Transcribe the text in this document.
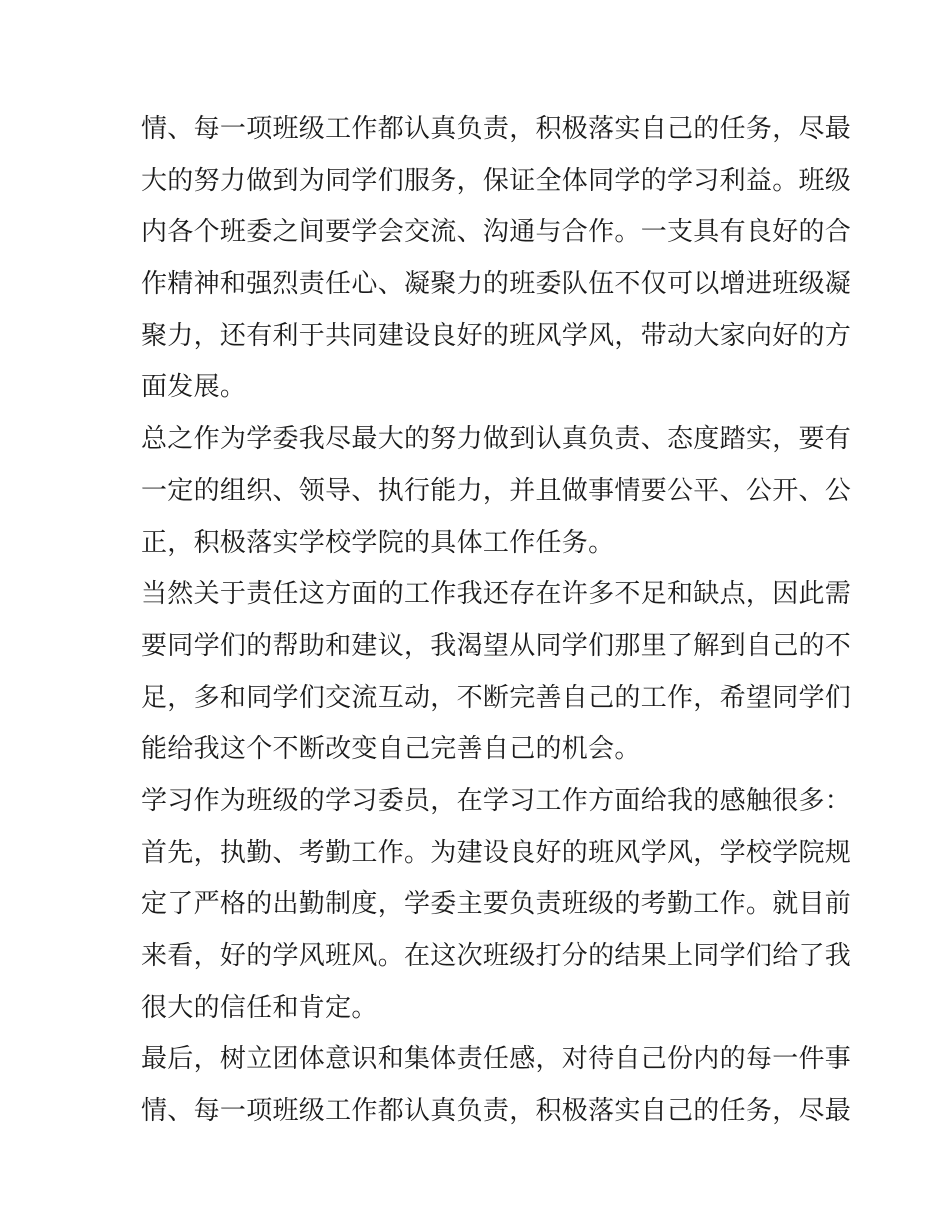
情、每一项班级工作都认真负责，积极落实自己的任务，尽最
大的努力做到为同学们服务，保证全体同学的学习利益。班级
内各个班委之间要学会交流、沟通与合作。一支具有良好的合
作精神和强烈责任心、凝聚力的班委队伍不仅可以增进班级凝
聚力，还有利于共同建设良好的班风学风，带动大家向好的方
面发展。
总之作为学委我尽最大的努力做到认真负责、态度踏实，要有
一定的组织、领导、执行能力，并且做事情要公平、公开、公
正，积极落实学校学院的具体工作任务。
当然关于责任这方面的工作我还存在许多不足和缺点，因此需
要同学们的帮助和建议，我渴望从同学们那里了解到自己的不
足，多和同学们交流互动，不断完善自己的工作，希望同学们
能给我这个不断改变自己完善自己的机会。
学习作为班级的学习委员，在学习工作方面给我的感触很多：
首先，执勤、考勤工作。为建设良好的班风学风，学校学院规
定了严格的出勤制度，学委主要负责班级的考勤工作。就目前
来看，好的学风班风。在这次班级打分的结果上同学们给了我
很大的信任和肯定。
最后，树立团体意识和集体责任感，对待自己份内的每一件事
情、每一项班级工作都认真负责，积极落实自己的任务，尽最
